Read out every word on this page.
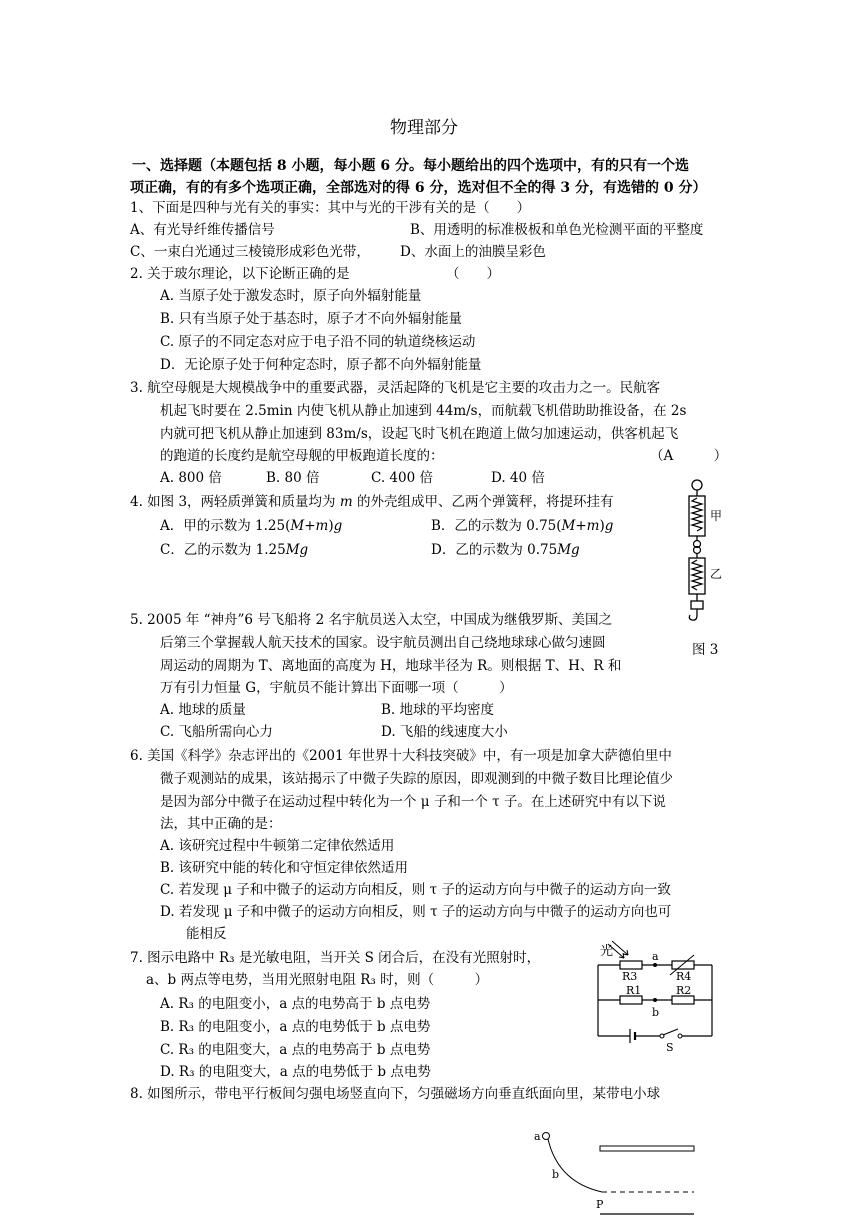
物理部分
一、选择题（本题包括 8 小题，每小题 6 分。每小题给出的四个选项中，有的只有一个选
项正确，有的有多个选项正确，全部选对的得 6 分，选对但不全的得 3 分，有选错的 0 分）
1、下面是四种与光有关的事实：其中与光的干涉有关的是（　　）
A、有光导纤维传播信号	B、用透明的标准极板和单色光检测平面的平整度
C、一束白光通过三棱镜形成彩色光带， D、水面上的油膜呈彩色
2. 关于玻尔理论，以下论断正确的是	（　　）
A. 当原子处于激发态时，原子向外辐射能量
B. 只有当原子处于基态时，原子才不向外辐射能量
C. 原子的不同定态对应于电子沿不同的轨道绕核运动
D．无论原子处于何种定态时，原子都不向外辐射能量
3. 航空母舰是大规模战争中的重要武器，灵活起降的飞机是它主要的攻击力之一。民航客
机起飞时要在 2.5min 内使飞机从静止加速到 44m/s，而航载飞机借助助推设备，在 2s
内就可把飞机从静止加速到 83m/s，设起飞时飞机在跑道上做匀加速运动，供客机起飞
的跑道的长度约是航空母舰的甲板跑道长度的：	（A　　　）
A. 800 倍	B. 80 倍	C. 400 倍	D. 40 倍
4. 如图 3，两轻质弹簧和质量均为 m 的外壳组成甲、乙两个弹簧秤，将提环挂有
A．甲的示数为 1.25(M+m)g	B．乙的示数为 0.75(M+m)g
C．乙的示数为 1.25Mg	D．乙的示数为 0.75Mg
甲
乙
图 3
5. 2005 年 “神舟”6 号飞船将 2 名宇航员送入太空，中国成为继俄罗斯、美国之
后第三个掌握载人航天技术的国家。设宇航员测出自己绕地球球心做匀速圆
周运动的周期为 T、离地面的高度为 H，地球半径为 R。则根据 T、H、R 和
万有引力恒量 G，宇航员不能计算出下面哪一项（　　　）
A. 地球的质量	B. 地球的平均密度
C. 飞船所需向心力	D. 飞船的线速度大小
6. 美国《科学》杂志评出的《2001 年世界十大科技突破》中，有一项是加拿大萨德伯里中
微子观测站的成果，该站揭示了中微子失踪的原因，即观测到的中微子数目比理论值少
是因为部分中微子在运动过程中转化为一个 μ 子和一个 τ 子。在上述研究中有以下说
法，其中正确的是：
A. 该研究过程中牛顿第二定律依然适用
B. 该研究中能的转化和守恒定律依然适用
C. 若发现 μ 子和中微子的运动方向相反，则 τ 子的运动方向与中微子的运动方向一致
D. 若发现 μ 子和中微子的运动方向相反，则 τ 子的运动方向与中微子的运动方向也可
能相反
7. 图示电路中 R₃ 是光敏电阻，当开关 S 闭合后，在没有光照射时，
a、b 两点等电势，当用光照射电阻 R₃ 时，则（　　　）
A. R₃ 的电阻变小，a 点的电势高于 b 点电势
B. R₃ 的电阻变小，a 点的电势低于 b 点电势
C. R₃ 的电阻变大，a 点的电势高于 b 点电势
D. R₃ 的电阻变大，a 点的电势低于 b 点电势
光
R3
a
R4
R1
b
R2
S
8. 如图所示，带电平行板间匀强电场竖直向下，匀强磁场方向垂直纸面向里，某带电小球
a
b
P
